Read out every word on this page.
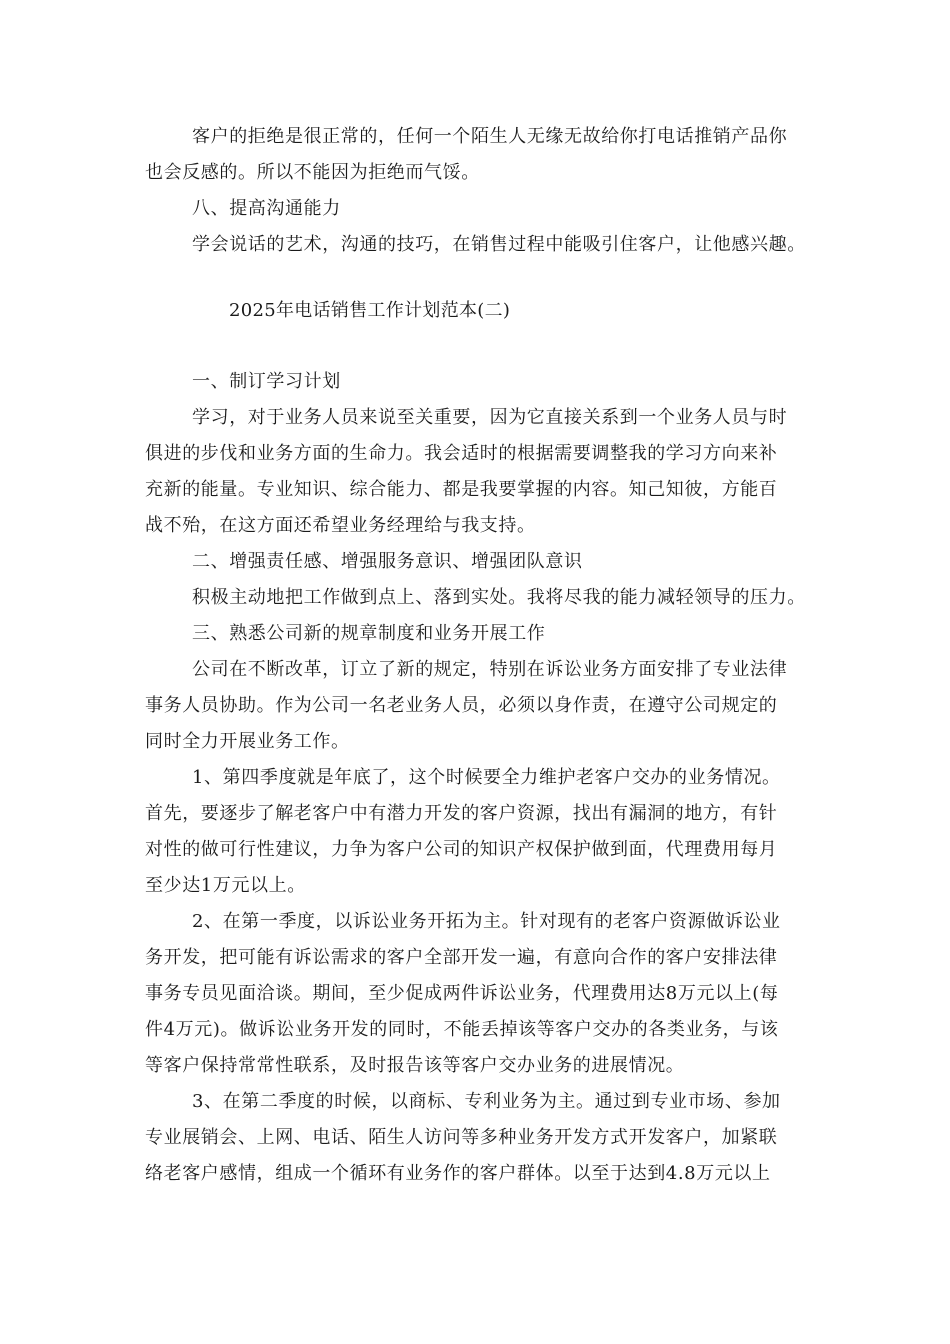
客户的拒绝是很正常的，任何一个陌生人无缘无故给你打电话推销产品你
也会反感的。所以不能因为拒绝而气馁。
八、提高沟通能力
学会说话的艺术，沟通的技巧，在销售过程中能吸引住客户，让他感兴趣。
2025年电话销售工作计划范本(二)
一、制订学习计划
学习，对于业务人员来说至关重要，因为它直接关系到一个业务人员与时
俱进的步伐和业务方面的生命力。我会适时的根据需要调整我的学习方向来补
充新的能量。专业知识、综合能力、都是我要掌握的内容。知己知彼，方能百
战不殆，在这方面还希望业务经理给与我支持。
二、增强责任感、增强服务意识、增强团队意识
积极主动地把工作做到点上、落到实处。我将尽我的能力减轻领导的压力。
三、熟悉公司新的规章制度和业务开展工作
公司在不断改革，订立了新的规定，特别在诉讼业务方面安排了专业法律
事务人员协助。作为公司一名老业务人员，必须以身作责，在遵守公司规定的
同时全力开展业务工作。
1、第四季度就是年底了，这个时候要全力维护老客户交办的业务情况。
首先，要逐步了解老客户中有潜力开发的客户资源，找出有漏洞的地方，有针
对性的做可行性建议，力争为客户公司的知识产权保护做到面，代理费用每月
至少达1万元以上。
2、在第一季度，以诉讼业务开拓为主。针对现有的老客户资源做诉讼业
务开发，把可能有诉讼需求的客户全部开发一遍，有意向合作的客户安排法律
事务专员见面洽谈。期间，至少促成两件诉讼业务，代理费用达8万元以上(每
件4万元)。做诉讼业务开发的同时，不能丢掉该等客户交办的各类业务，与该
等客户保持常常性联系，及时报告该等客户交办业务的进展情况。
3、在第二季度的时候，以商标、专利业务为主。通过到专业市场、参加
专业展销会、上网、电话、陌生人访问等多种业务开发方式开发客户，加紧联
络老客户感情，组成一个循环有业务作的客户群体。以至于达到4.8万元以上
